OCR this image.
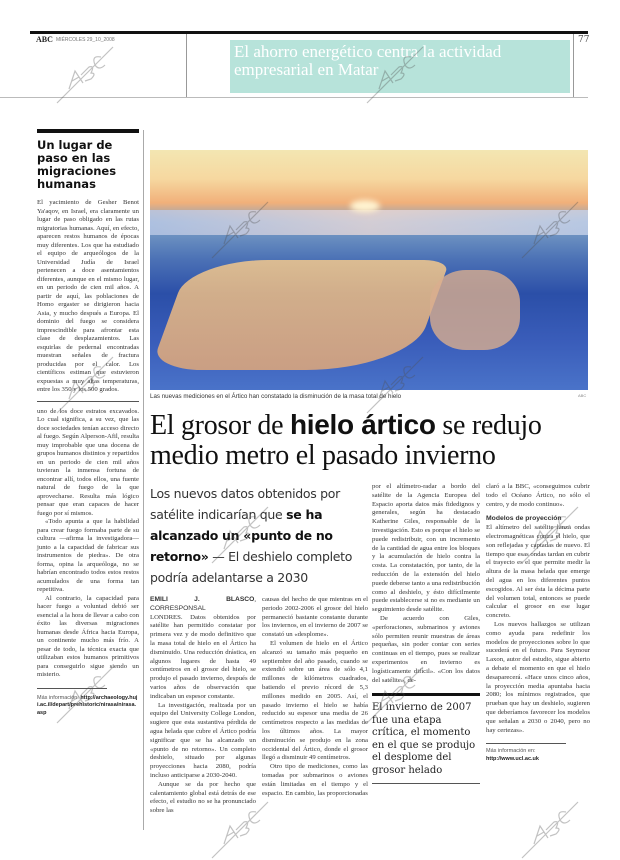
ABC MIÉRCOLES 29_10_2008
El ahorro energético centra la actividad empresarial en Matar
77
Un lugar de paso en las migraciones humanas

El yacimiento de Gesher Benot Ya'aqov, en Israel, era claramente un lugar de paso obligado en las rutas migratorias humanas. Aquí, en efecto, aparecen restos humanos de épocas muy diferentes. Los que ha estudiado el equipo de arqueólogos de la Universidad Judía de Israel pertenecen a doce asentamientos diferentes, aunque en el mismo lugar, en un periodo de cien mil años. A partir de aquí, las poblaciones de Homo ergaster se dirigieron hacia Asia, y mucho después a Europa. El dominio del fuego se considera imprescindible para afrontar esta clase de desplazamientos. Las esquirlas de pedernal encontradas muestran señales de fractura producidas por el calor. Los científicos estiman que estuvieron expuestas a muy altas temperaturas, entre los 350 y los 500 grados.

uno de los doce estratos excavados. Lo cual significa, a su vez, que las doce sociedades tenían acceso directo al fuego. Según Alperson-Afil, resulta muy improbable que una docena de grupos humanos distintos y repartidos en un periodo de cien mil años tuvieran la inmensa fortuna de encontrar allí, todos ellos, una fuente natural de fuego de la que aprovecharse. Resulta más lógico pensar que eran capaces de hacer fuego por sí mismos.

«Todo apunta a que la habilidad para crear fuego formaba parte de su cultura —afirma la investigadora— junto a la capacidad de fabricar sus instrumentos de piedra». De otra forma, opina la arqueóloga, no se habrían encontrado todos estos restos acumulados de una forma tan repetitiva.

Al contrario, la capacidad para hacer fuego a voluntad debió ser esencial a la hora de llevar a cabo con éxito las diversas migraciones humanas desde África hacia Europa, un continente mucho más frío. A pesar de todo, la técnica exacta que utilizaban estos humanos primitivos para conseguirlo sigue siendo un misterio.

Más información: http://archaeology.huji.ac.il/depart/prehistoric/nirasa/nirasa.asp
Las nuevas mediciones en el Ártico han constatado la disminución de la masa total de hielo	ABC
El grosor de hielo ártico se redujo medio metro el pasado invierno
Los nuevos datos obtenidos por satélite indicarían que se ha alcanzado un «punto de no retorno» — El deshielo completo podría adelantarse a 2030

EMILI J. BLASCO, CORRESPONSAL

LONDRES. Datos obtenidos por satélite han permitido constatar por primera vez y de modo definitivo que la masa total de hielo en el Ártico ha disminuido. Una reducción drástica, en algunos lugares de hasta 49 centímetros en el grosor del hielo, se produjo el pasado invierno, después de varios años de observación que indicaban un espesor constante.

La investigación, realizada por un equipo del University College London, sugiere que esta sustantiva pérdida de agua helada que cubre el Ártico podría significar que se ha alcanzado un «punto de no retorno». Un completo deshielo, situado por algunas proyecciones hacia 2080, podría incluso anticiparse a 2030-2040.

Aunque se da por hecho que calentamiento global está detrás de ese efecto, el estudio no se ha pronunciado sobre las

causas del hecho de que mientras en el periodo 2002-2006 el grosor del hielo permaneció bastante constante durante los inviernos, en el invierno de 2007 se constató un «desplome».

El volumen de hielo en el Ártico alcanzó su tamaño más pequeño en septiembre del año pasado, cuando se extendió sobre un área de sólo 4,1 millones de kilómetros cuadrados, batiendo el previo récord de 5,3 millones medido en 2005. Así, el pasado invierno el hielo se había reducido su espesor una media de 26 centímetros respecto a las medidas de los últimos años. La mayor disminución se produjo en la zona occidental del Ártico, donde el grosor llegó a disminuir 49 centímetros.

Otro tipo de mediciones, como las tomadas por submarinos o aviones están limitadas en el tiempo y el espacio. En cambio, las proporcionadas

por el altímetro-radar a bordo del satélite de la Agencia Europea del Espacio aporta datos más fidedignos y generales, según ha destacado Katherine Giles, responsable de la investigación. Esto es porque el hielo se puede redistribuir, con un incremento de la cantidad de agua entre los bloques y la acumulación de hielo contra la costa. La constatación, por tanto, de la reducción de la extensión del hielo puede deberse tanto a una redistribución como al deshielo, y ésto difícilmente puede establecerse si no es mediante un seguimiento desde satélite.

De acuerdo con Giles, «perforaciones, submarinos y aviones sólo permiten reunir muestras de áreas pequeñas, sin poder contar con series continuas en el tiempo, pues se realizar experimentos en invierno es logísticamente difícil». «Con los datos del satélite», de-

El invierno de 2007 fue una etapa crítica, el momento en el que se produjo el desplome del grosor helado

claró a la BBC, «conseguimos cubrir todo el Océano Ártico, no sólo el centro, y de modo continuo».

Modelos de proyección

El altímetro del satélite lanza ondas electromagnéticas contra el hielo, que son reflejadas y captadas de nuevo. El tiempo que esas ondas tardan en cubrir el trayecto es el que permite medir la altura de la masa helada que emerge del agua en los diferentes puntos escogidos. Al ser ésta la décima parte del volumen total, entonces se puede calcular el grosor en ese lugar concreto.

Los nuevos hallazgos se utilizan como ayuda para redefinir los modelos de proyecciones sobre lo que sucederá en el futuro. Para Seymour Laxon, autor del estudio, sigue abierto a debate el momento en que el hielo desaparecerá. «Hace unos cinco años, la proyección media apuntaba hacia 2080; los mínimos registrados, que prueban que hay un deshielo, sugieren que deberíamos favorecer los modelos que señalan a 2030 o 2040, pero no hay certezas».

Más información en:
http://www.ucl.ac.uk
